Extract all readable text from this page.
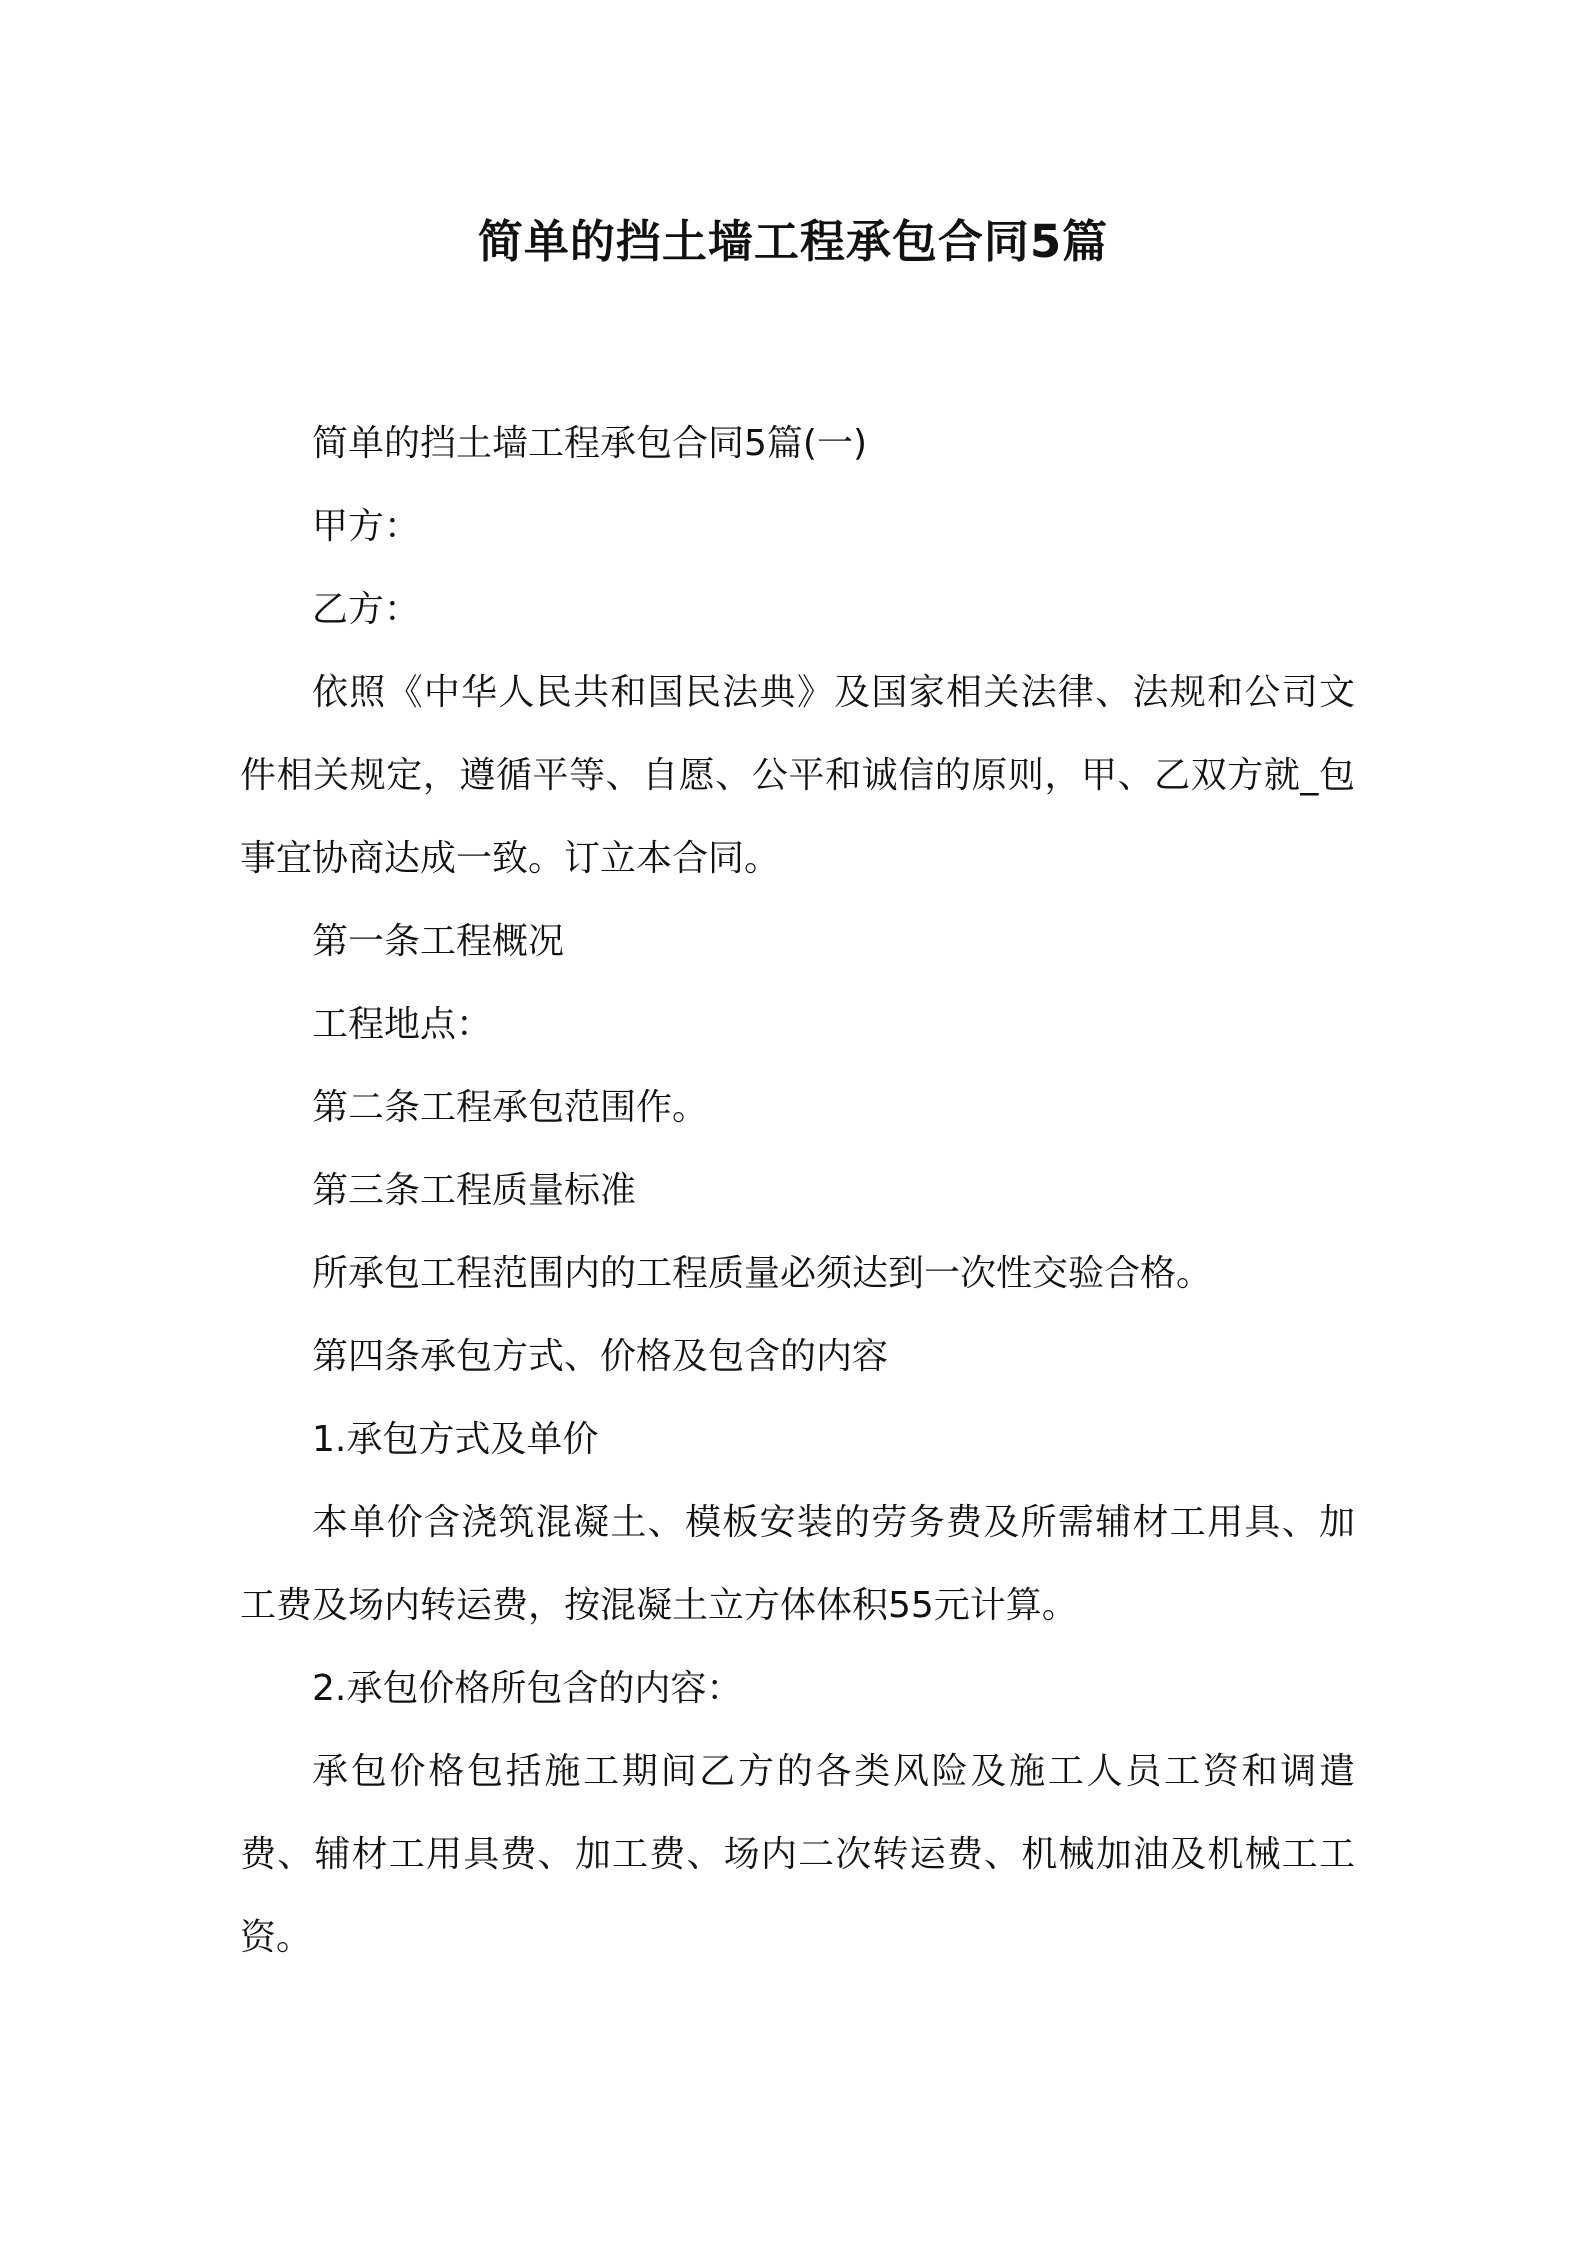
简单的挡土墙工程承包合同5篇

简单的挡土墙工程承包合同5篇(一)

甲方：

乙方：

依照《中华人民共和国民法典》及国家相关法律、法规和公司文件相关规定，遵循平等、自愿、公平和诚信的原则，甲、乙双方就_包事宜协商达成一致。订立本合同。

第一条工程概况

工程地点：

第二条工程承包范围作。

第三条工程质量标准

所承包工程范围内的工程质量必须达到一次性交验合格。

第四条承包方式、价格及包含的内容

1.承包方式及单价

本单价含浇筑混凝土、模板安装的劳务费及所需辅材工用具、加工费及场内转运费，按混凝土立方体体积55元计算。

2.承包价格所包含的内容：

承包价格包括施工期间乙方的各类风险及施工人员工资和调遣费、辅材工用具费、加工费、场内二次转运费、机械加油及机械工工资。
